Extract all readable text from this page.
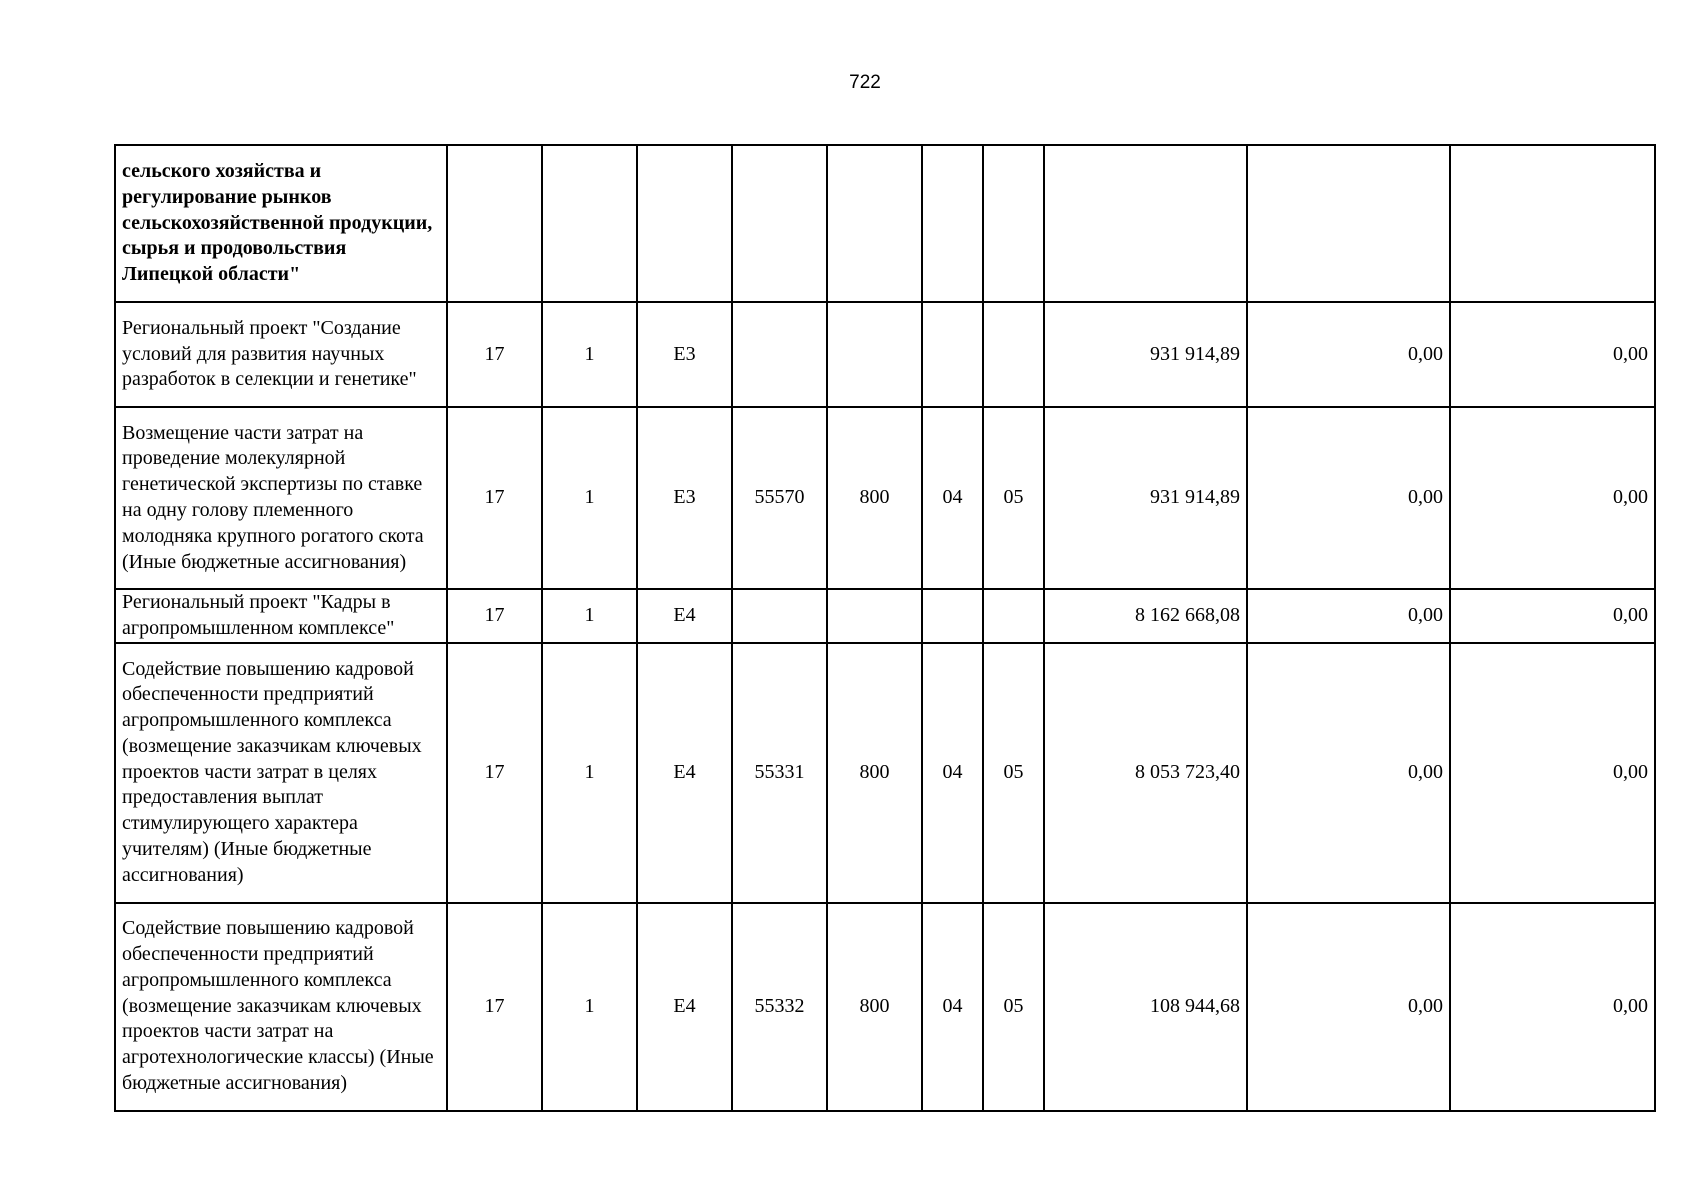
722
сельского хозяйства и регулирование рынков сельскохозяйственной продукции, сырья и продовольствия Липецкой области"										
Региональный проект "Создание условий для развития научных разработок в селекции и генетике"	17	1	E3					931 914,89	0,00	0,00
Возмещение части затрат на проведение молекулярной генетической экспертизы по ставке на одну голову племенного молодняка крупного рогатого скота (Иные бюджетные ассигнования)	17	1	E3	55570	800	04	05	931 914,89	0,00	0,00
Региональный проект "Кадры в агропромышленном комплексе"	17	1	E4					8 162 668,08	0,00	0,00
Содействие повышению кадровой обеспеченности предприятий агропромышленного комплекса (возмещение заказчикам ключевых проектов части затрат в целях предоставления выплат стимулирующего характера учителям) (Иные бюджетные ассигнования)	17	1	E4	55331	800	04	05	8 053 723,40	0,00	0,00
Содействие повышению кадровой обеспеченности предприятий агропромышленного комплекса (возмещение заказчикам ключевых проектов части затрат на агротехнологические классы) (Иные бюджетные ассигнования)	17	1	E4	55332	800	04	05	108 944,68	0,00	0,00
